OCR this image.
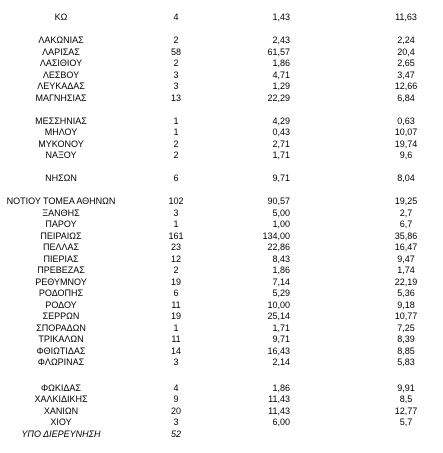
ΚΩ	4	1,43	11,63
ΛΑΚΩΝΙΑΣ	2	2,43	2,24
ΛΑΡΙΣΑΣ	58	61,57	20,4
ΛΑΣΙΘΙΟΥ	2	1,86	2,65
ΛΕΣΒΟΥ	3	4,71	3,47
ΛΕΥΚΑΔΑΣ	3	1,29	12,66
ΜΑΓΝΗΣΙΑΣ	13	22,29	6,84
ΜΕΣΣΗΝΙΑΣ	1	4,29	0,63
ΜΗΛΟΥ	1	0,43	10,07
ΜΥΚΟΝΟΥ	2	2,71	19,74
ΝΑΞΟΥ	2	1,71	9,6
ΝΗΣΩΝ	6	9,71	8,04
ΝΟΤΙΟΥ ΤΟΜΕΑ ΑΘΗΝΩΝ	102	90,57	19,25
ΞΑΝΘΗΣ	3	5,00	2,7
ΠΑΡΟΥ	1	1,00	6,7
ΠΕΙΡΑΙΩΣ	161	134,00	35,86
ΠΕΛΛΑΣ	23	22,86	16,47
ΠΙΕΡΙΑΣ	12	8,43	9,47
ΠΡΕΒΕΖΑΣ	2	1,86	1,74
ΡΕΘΥΜΝΟΥ	19	7,14	22,19
ΡΟΔΟΠΗΣ	6	5,29	5,36
ΡΟΔΟΥ	11	10,00	9,18
ΣΕΡΡΩΝ	19	25,14	10,77
ΣΠΟΡΑΔΩΝ	1	1,71	7,25
ΤΡΙΚΑΛΩΝ	11	9,71	8,39
ΦΘΙΩΤΙΔΑΣ	14	16,43	8,85
ΦΛΩΡΙΝΑΣ	3	2,14	5,83
ΦΩΚΙΔΑΣ	4	1,86	9,91
ΧΑΛΚΙΔΙΚΗΣ	9	11,43	8,5
ΧΑΝΙΩΝ	20	11,43	12,77
ΧΙΟΥ	3	6,00	5,7
ΥΠΟ ΔΙΕΡΕΥΝΗΣΗ	52
